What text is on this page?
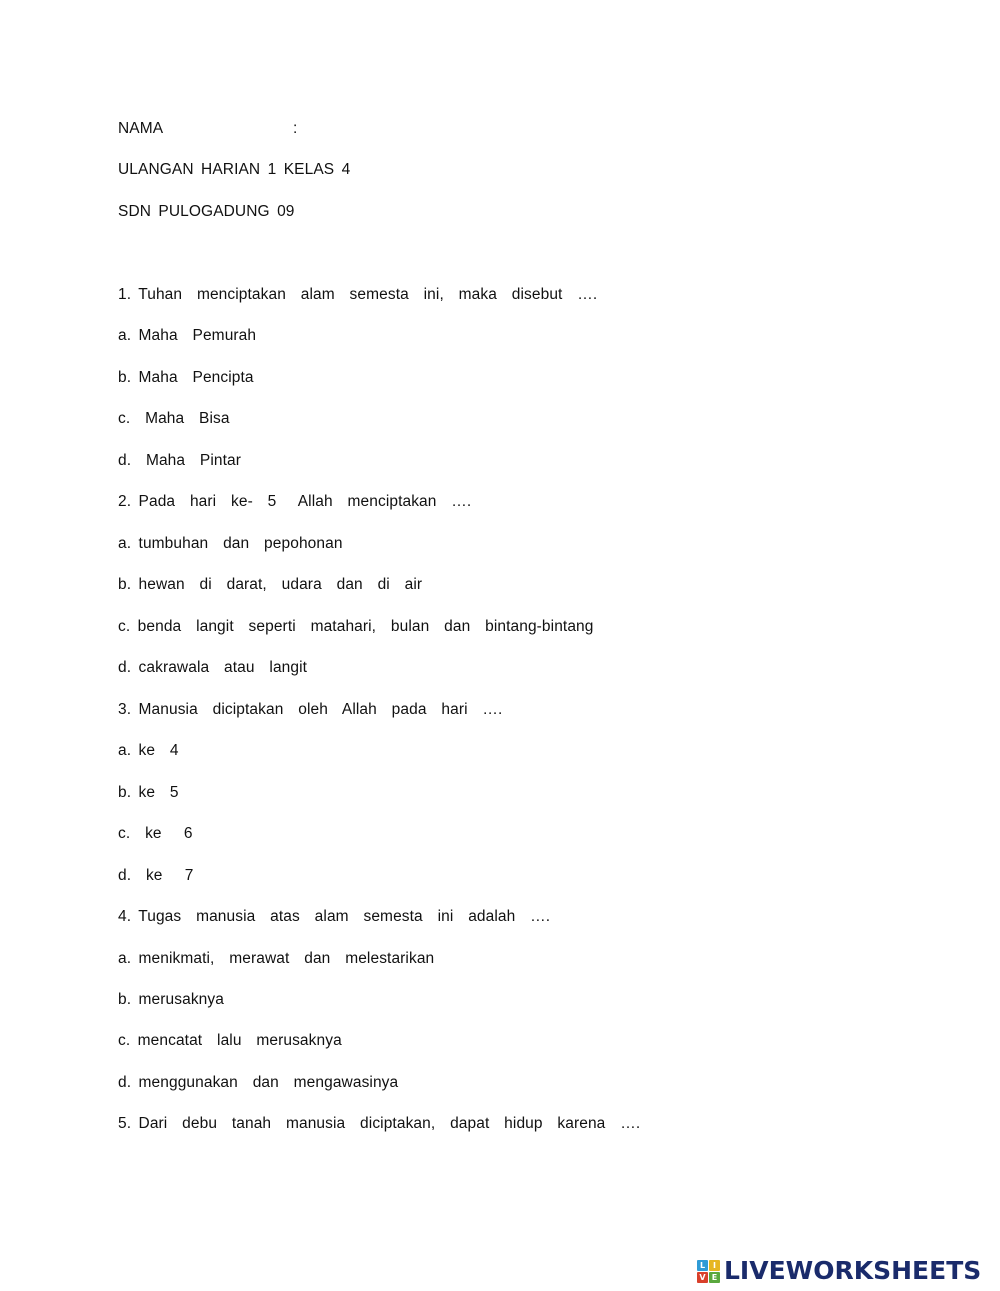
NAMA	:
ULANGAN HARIAN 1 KELAS 4
SDN PULOGADUNG 09
1. Tuhan  menciptakan  alam  semesta  ini,  maka  disebut  ….
a. Maha  Pemurah
b. Maha  Pencipta
c.  Maha  Bisa
d.  Maha  Pintar
2. Pada  hari  ke-  5   Allah  menciptakan  ….
a. tumbuhan  dan  pepohonan
b. hewan  di  darat,  udara  dan  di  air
c. benda  langit  seperti  matahari,  bulan  dan  bintang-bintang
d. cakrawala  atau  langit
3. Manusia  diciptakan  oleh  Allah  pada  hari  ….
a. ke  4
b. ke  5
c.  ke   6
d.  ke   7
4. Tugas  manusia  atas  alam  semesta  ini  adalah  ….
a. menikmati,  merawat  dan  melestarikan
b. merusaknya
c. mencatat  lalu  merusaknya
d. menggunakan  dan  mengawasinya
5. Dari  debu  tanah  manusia  diciptakan,  dapat  hidup  karena  ….
L I
V E LIVEWORKSHEETS
